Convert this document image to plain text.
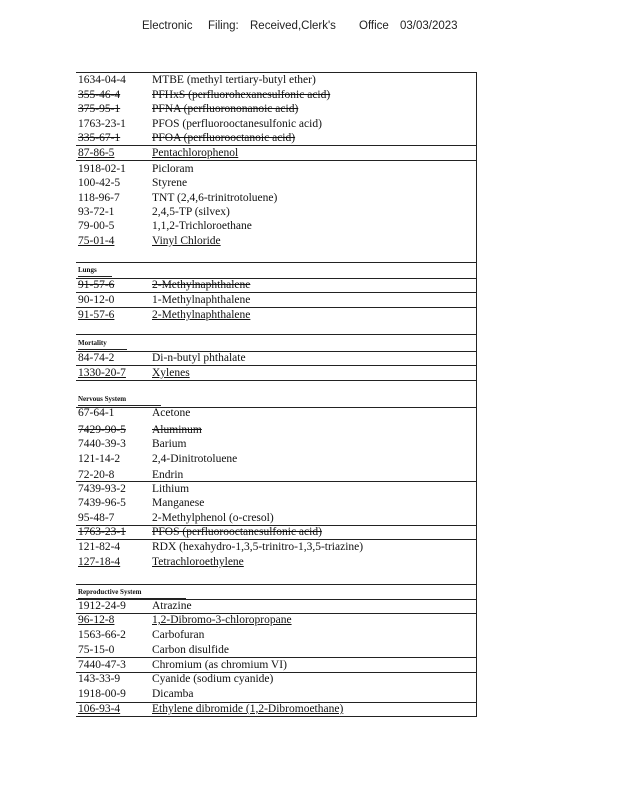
Electronic Filing: Received,Clerk's Office 03/03/2023
1634-04-4 MTBE (methyl tertiary-butyl ether)
355-46-4	PFHxS (perfluorohexanesulfonic acid)
375-95-1	PFNA (perfluorononanoic acid)
1763-23-1 PFOS (perfluorooctanesulfonic acid)
335-67-1	PFOA (perfluorooctanoic acid)
87-86-5	Pentachlorophenol
1918-02-1 Picloram
100-42-5	Styrene
118-96-7	TNT (2,4,6-trinitrotoluene)
93-72-1	2,4,5-TP (silvex)
79-00-5	1,1,2-Trichloroethane
75-01-4	Vinyl Chloride
Lungs
91-57-6	2-Methylnaphthalene
90-12-0	1-Methylnaphthalene
91-57-6	2-Methylnaphthalene
Mortality
84-74-2	Di-n-butyl phthalate
1330-20-7 Xylenes
Nervous System
67-64-1	Acetone
7429-90-5 Aluminum
7440-39-3 Barium
121-14-2	2,4-Dinitrotoluene
72-20-8	Endrin
7439-93-2 Lithium
7439-96-5 Manganese
95-48-7	2-Methylphenol (o-cresol)
1763-23-1 PFOS (perfluorooctanesulfonic acid)
121-82-4	RDX (hexahydro-1,3,5-trinitro-1,3,5-triazine)
127-18-4	Tetrachloroethylene
Reproductive System
1912-24-9 Atrazine
96-12-8	1,2-Dibromo-3-chloropropane
1563-66-2 Carbofuran
75-15-0	Carbon disulfide
7440-47-3 Chromium (as chromium VI)
143-33-9	Cyanide (sodium cyanide)
1918-00-9 Dicamba
106-93-4	Ethylene dibromide (1,2-Dibromoethane)
